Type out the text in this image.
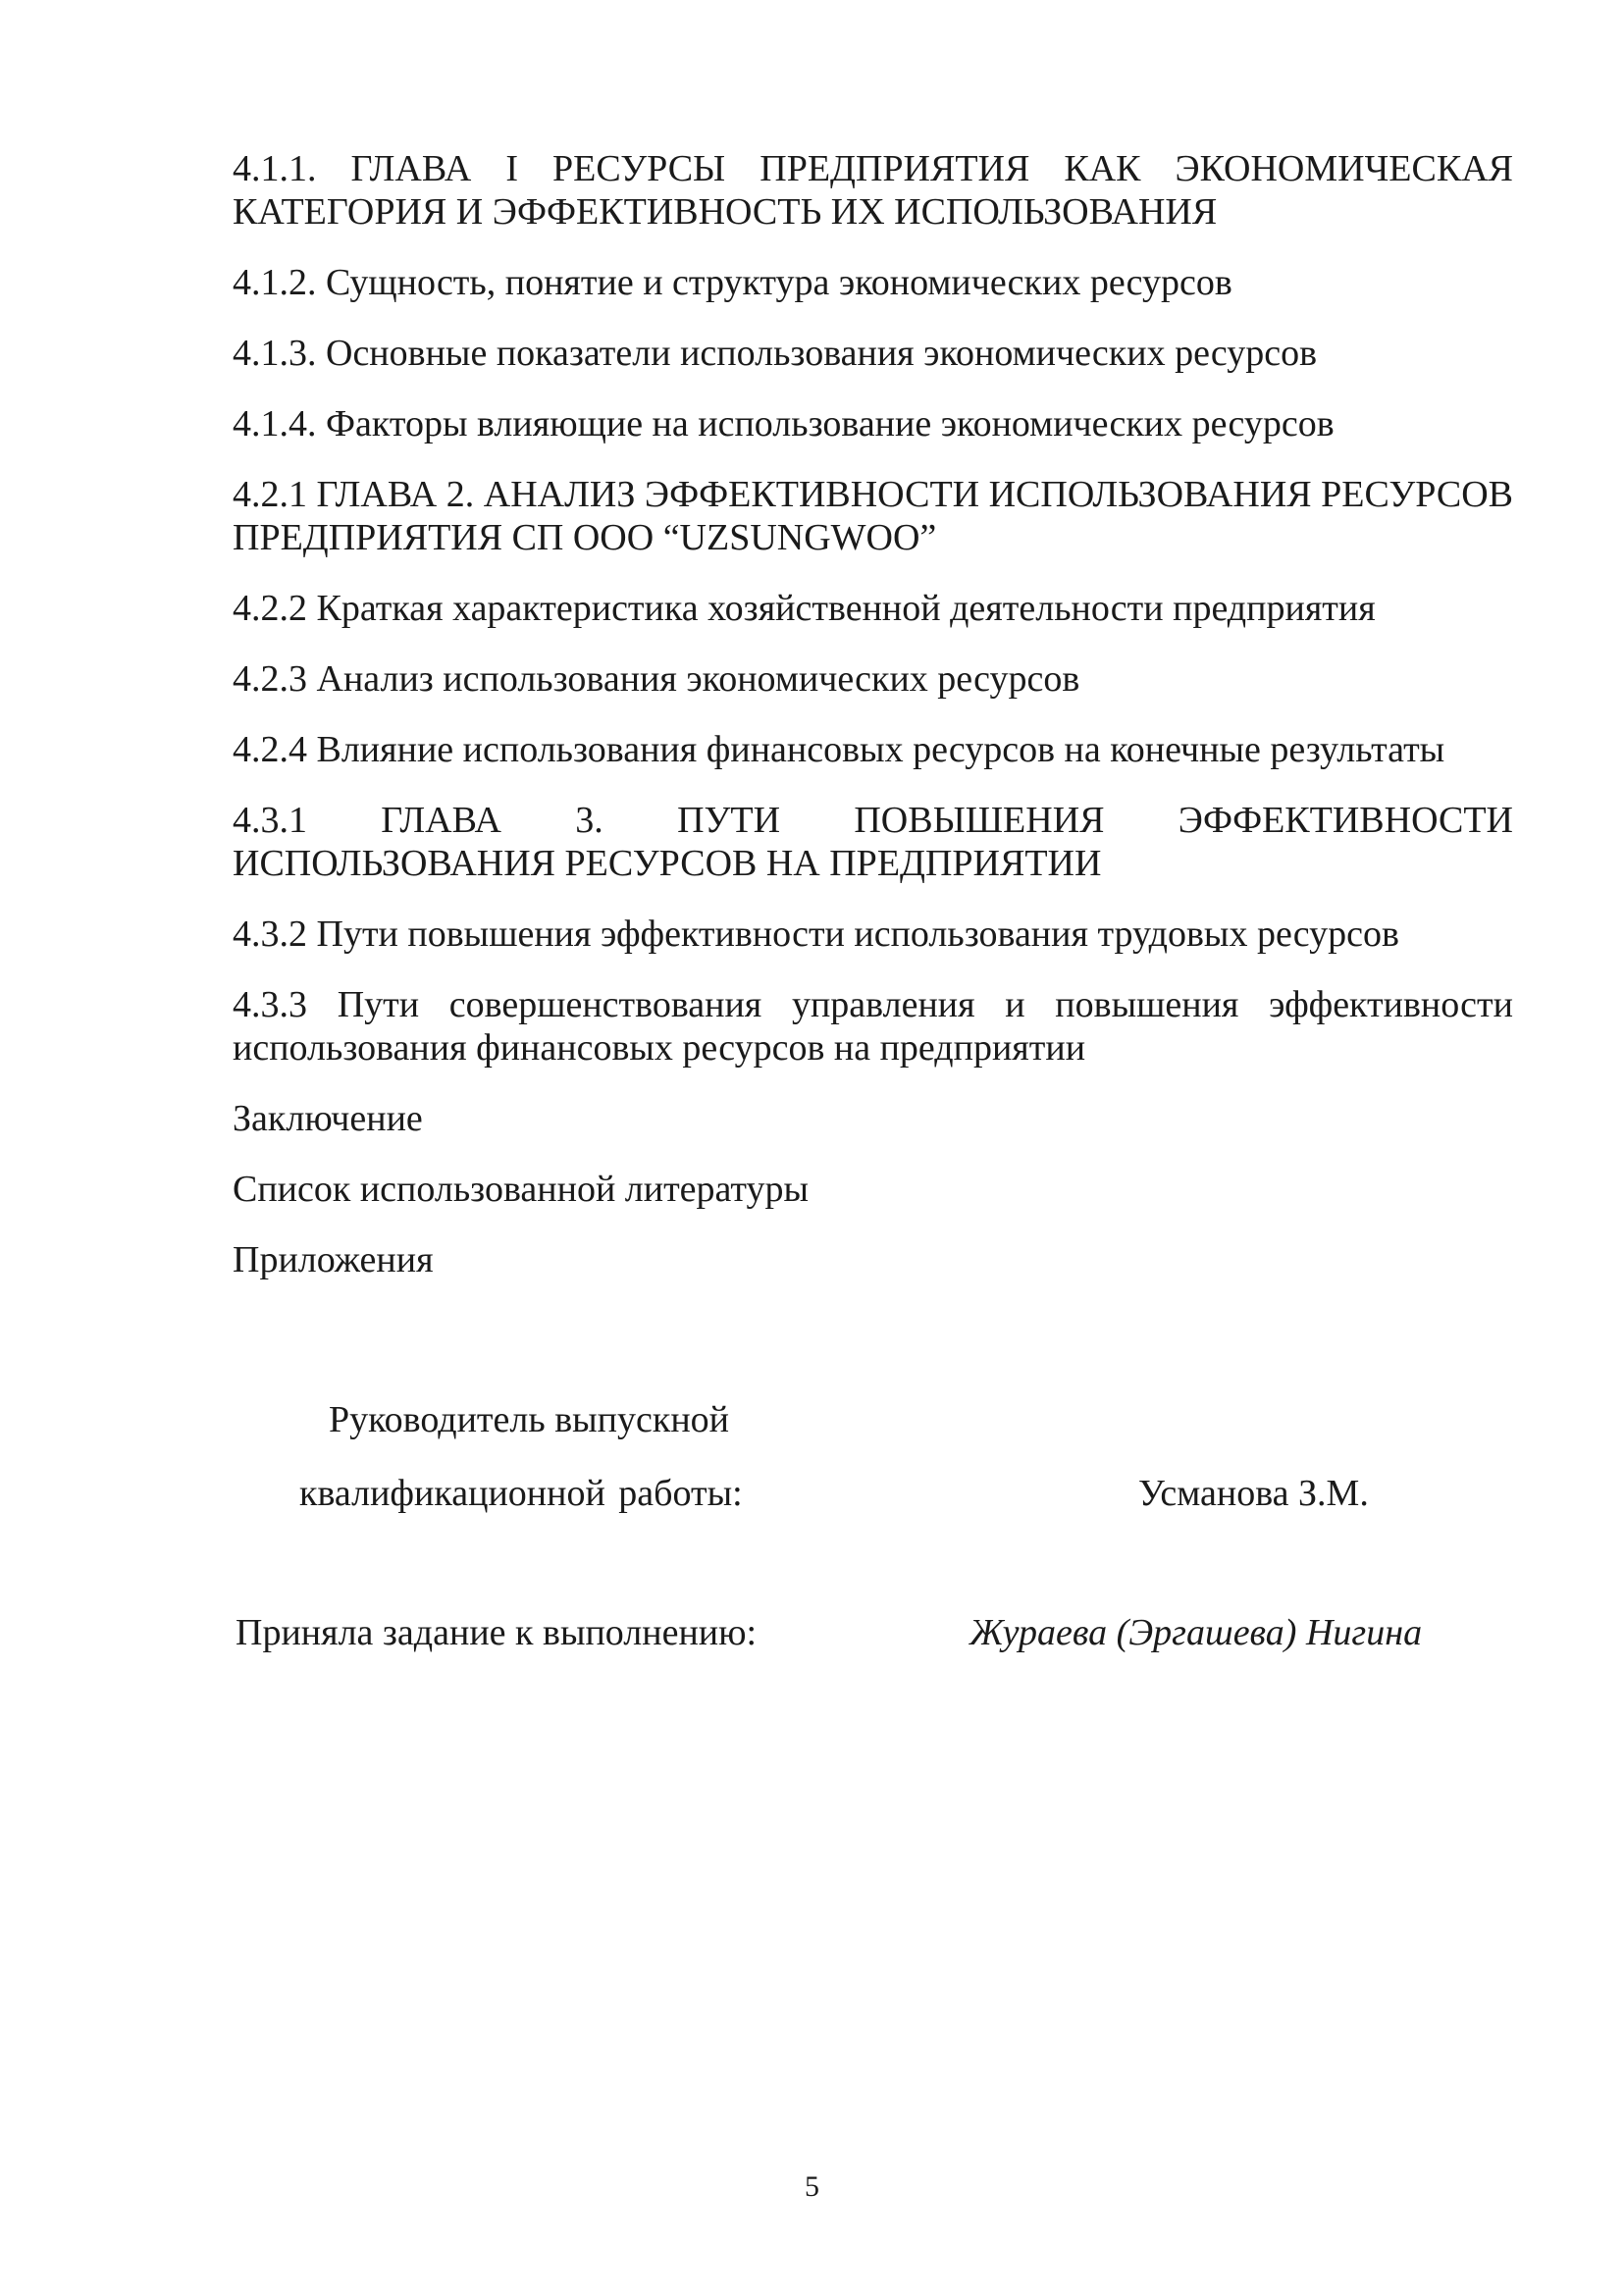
4.1.1. ГЛАВА I РЕСУРСЫ ПРЕДПРИЯТИЯ КАК ЭКОНОМИЧЕСКАЯ КАТЕГОРИЯ И ЭФФЕКТИВНОСТЬ ИХ ИСПОЛЬЗОВАНИЯ

4.1.2. Сущность, понятие и структура экономических ресурсов

4.1.3. Основные показатели использования экономических ресурсов

4.1.4. Факторы влияющие на использование экономических ресурсов

4.2.1 ГЛАВА 2. АНАЛИЗ ЭФФЕКТИВНОСТИ ИСПОЛЬЗОВАНИЯ РЕСУРСОВ ПРЕДПРИЯТИЯ СП ООО “UZSUNGWOO”

4.2.2 Краткая характеристика хозяйственной деятельности предприятия

4.2.3 Анализ использования экономических ресурсов

4.2.4 Влияние использования финансовых ресурсов на конечные результаты

4.3.1 ГЛАВА 3. ПУТИ ПОВЫШЕНИЯ ЭФФЕКТИВНОСТИ ИСПОЛЬЗОВАНИЯ РЕСУРСОВ НА ПРЕДПРИЯТИИ

4.3.2 Пути повышения эффективности использования трудовых ресурсов

4.3.3 Пути совершенствования управления и повышения эффективности использования финансовых ресурсов на предприятии

Заключение

Список использованной литературы

Приложения

Руководитель выпускной
квалификационной работы:	Усманова З.М.
Приняла задание к выполнению:	Жураева (Эргашева) Нигина
5
